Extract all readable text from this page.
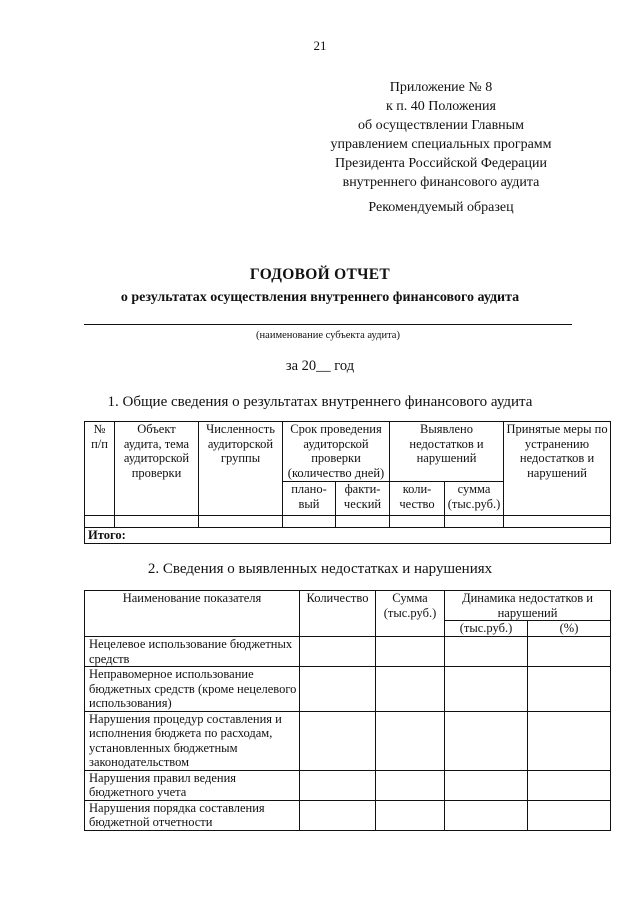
21
Приложение № 8
к п. 40 Положения
об осуществлении Главным
управлением специальных программ
Президента Российской Федерации
внутреннего финансового аудита
Рекомендуемый образец
ГОДОВОЙ ОТЧЕТ
о результатах осуществления внутреннего финансового аудита
(наименование субъекта аудита)
за 20__ год
1. Общие сведения о результатах внутреннего финансового аудита
№ п/п	Объект аудита, тема аудиторской проверки	Численность аудиторской группы	Срок проведения аудиторской проверки (количество дней)		Выявлено недостатков и нарушений		Принятые меры по устранению недостатков и нарушений
			плано-вый	факти-ческий	коли-чество	сумма (тыс.руб.)	

Итого:							
2. Сведения о выявленных недостатках и нарушениях
Наименование показателя	Количество	Сумма (тыс.руб.)	Динамика недостатков и нарушений	
			(тыс.руб.)	(%)
Нецелевое использование бюджетных средств				
Неправомерное использование бюджетных средств (кроме нецелевого использования)				
Нарушения процедур составления и исполнения бюджета по расходам, установленных бюджетным законодательством				
Нарушения правил ведения бюджетного учета				
Нарушения порядка составления бюджетной отчетности				
